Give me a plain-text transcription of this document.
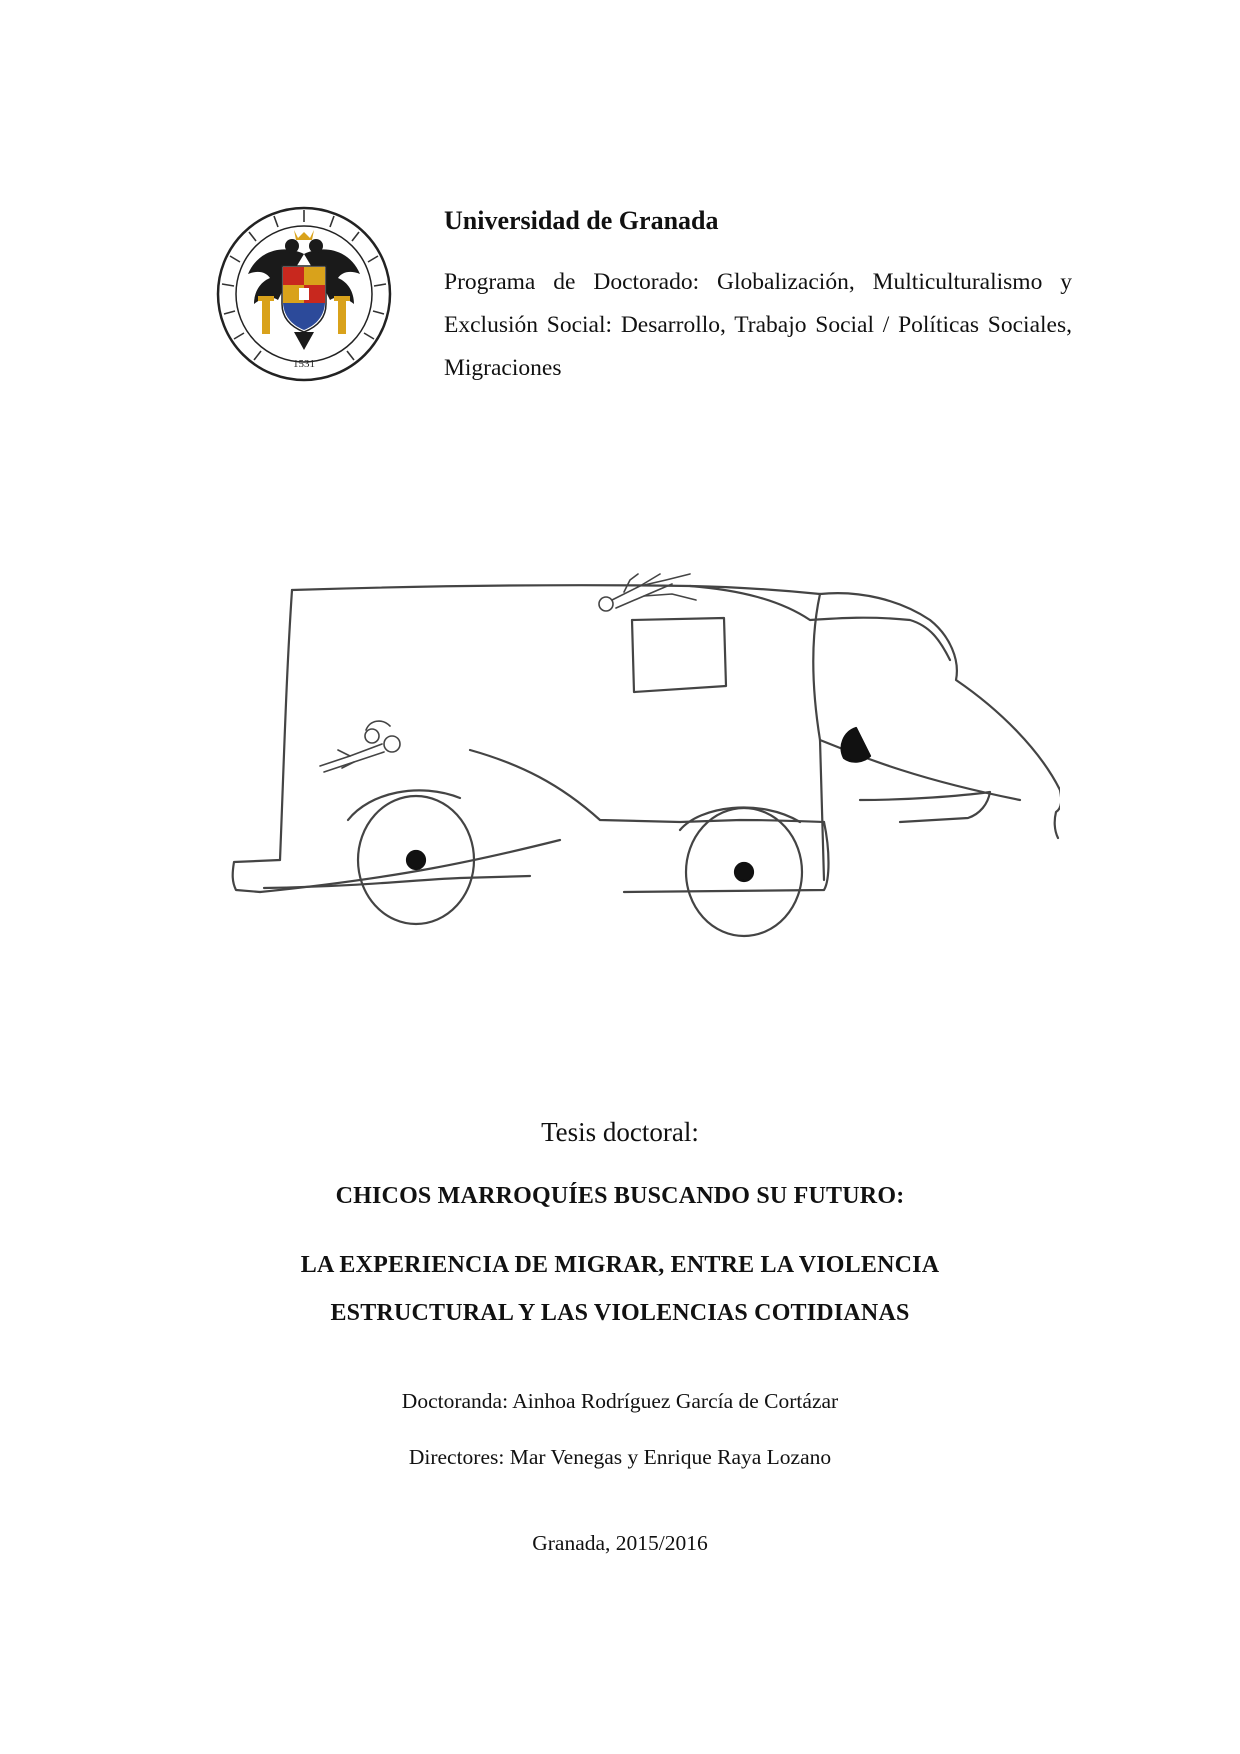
1531

Universidad de Granada

Programa de Doctorado: Globalización, Multiculturalismo y Exclusión Social: Desarrollo, Trabajo Social / Políticas Sociales, Migraciones

Tesis doctoral:

CHICOS MARROQUÍES BUSCANDO SU FUTURO:

LA EXPERIENCIA DE MIGRAR, ENTRE LA VIOLENCIA ESTRUCTURAL Y LAS VIOLENCIAS COTIDIANAS

Doctoranda: Ainhoa Rodríguez García de Cortázar

Directores: Mar Venegas y Enrique Raya Lozano

Granada, 2015/2016
